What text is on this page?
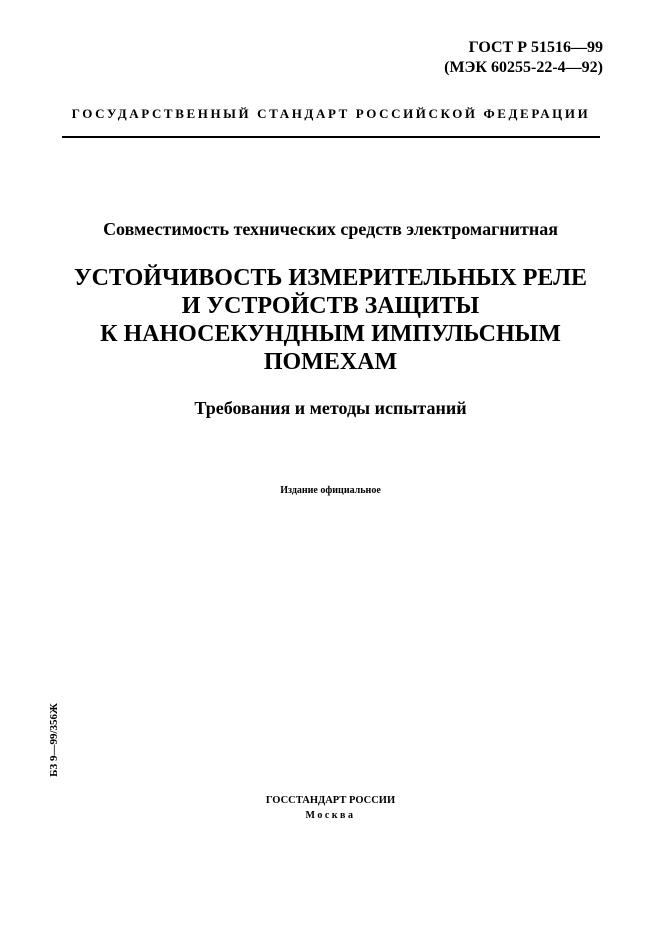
ГОСТ Р 51516—99
(МЭК 60255-22-4—92)
ГОСУДАРСТВЕННЫЙ СТАНДАРТ РОССИЙСКОЙ ФЕДЕРАЦИИ
Совместимость технических средств электромагнитная
УСТОЙЧИВОСТЬ ИЗМЕРИТЕЛЬНЫХ РЕЛЕ
И УСТРОЙСТВ ЗАЩИТЫ
К НАНОСЕКУНДНЫМ ИМПУЛЬСНЫМ
ПОМЕХАМ
Требования и методы испытаний
Издание официальное
БЗ 9—99/356Ж
ГОССТАНДАРТ РОССИИ
Москва
